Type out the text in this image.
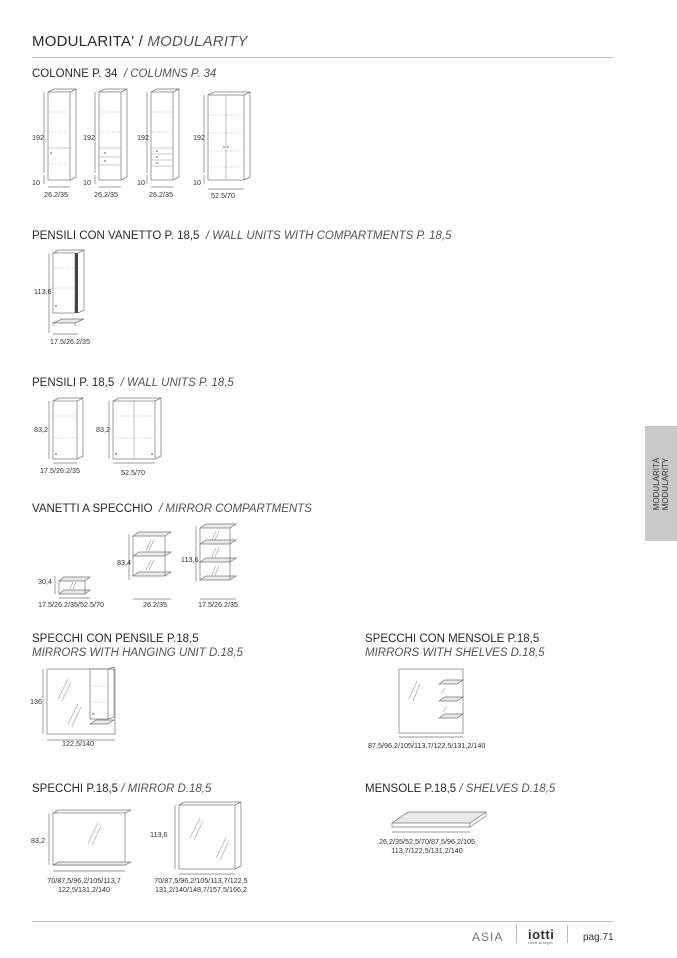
MODULARITA' / MODULARITY
MODULARITÀ
MODULARITY
COLONNE P. 34 / COLUMNS P. 34
192
10
26.2/35
192
10
26.2/35
192
10
26.2/35
192
10
52.5/70
PENSILI CON VANETTO P. 18,5 / WALL UNITS WITH COMPARTMENTS P. 18,5
113,6
17.5/26.2/35
PENSILI P. 18,5 / WALL UNITS P. 18,5
83,2
17.5/26.2/35
83,2
52.5/70
VANETTI A SPECCHIO / MIRROR COMPARTMENTS
30,4
17.5/26.2/35/52.5/70
83,4
26.2/35
113,6
17.5/26.2/35
SPECCHI CON PENSILE P.18,5
MIRRORS WITH HANGING UNIT D.18,5
136
122,5/140
SPECCHI CON MENSOLE P.18,5
MIRRORS WITH SHELVES D.18,5
87,5/96,2/105/113,7/122,5/131,2/140
SPECCHI P.18,5 / MIRROR D.18,5
83,2
70/87,5/96,2/105/113,7
122,5/131,2/140
113,6
70/87,5/96,2/105/113,7/122,5
131,2/140/148,7/157,5/166,2
MENSOLE P.18,5 / SHELVES D.18,5
26,2/35/52,5/70/87,5/96,2/105
113,7/122,5/131,2/140
ASIA iotti
mobili da bagno	pag.71
